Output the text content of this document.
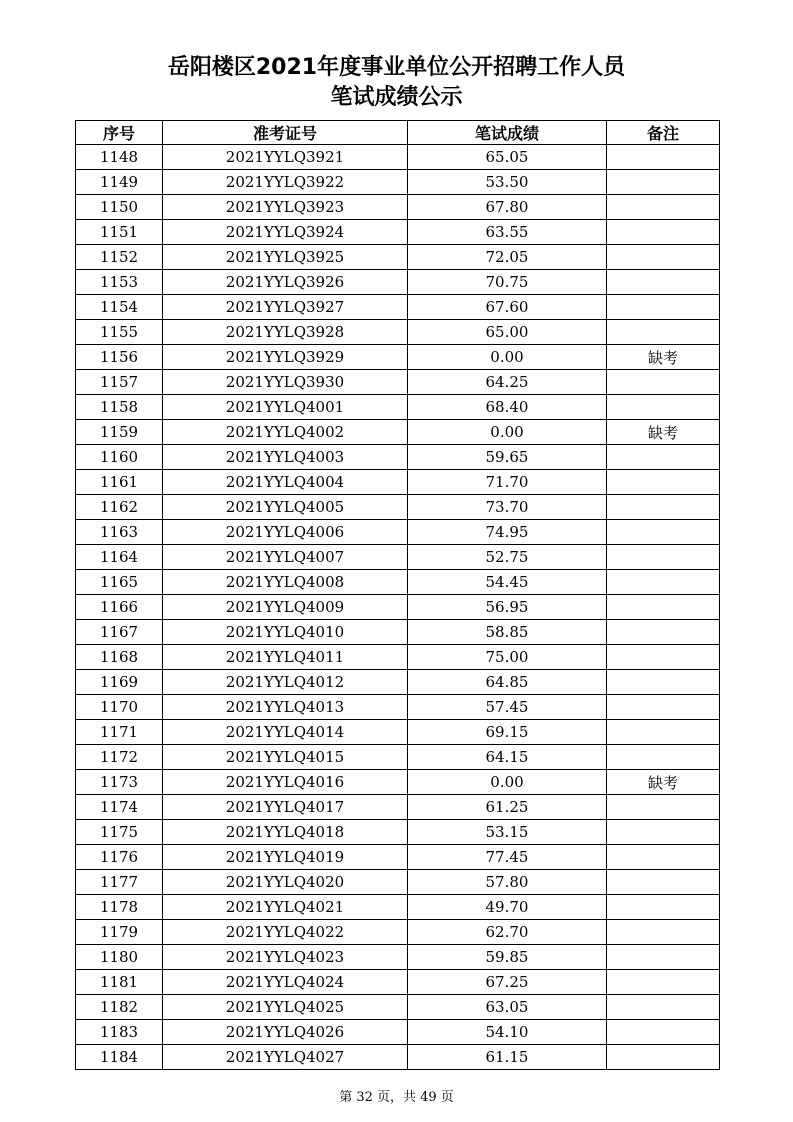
岳阳楼区2021年度事业单位公开招聘工作人员
笔试成绩公示
序号	准考证号	笔试成绩	备注
1148	2021YYLQ3921	65.05	
1149	2021YYLQ3922	53.50	
1150	2021YYLQ3923	67.80	
1151	2021YYLQ3924	63.55	
1152	2021YYLQ3925	72.05	
1153	2021YYLQ3926	70.75	
1154	2021YYLQ3927	67.60	
1155	2021YYLQ3928	65.00	
1156	2021YYLQ3929	0.00	缺考
1157	2021YYLQ3930	64.25	
1158	2021YYLQ4001	68.40	
1159	2021YYLQ4002	0.00	缺考
1160	2021YYLQ4003	59.65	
1161	2021YYLQ4004	71.70	
1162	2021YYLQ4005	73.70	
1163	2021YYLQ4006	74.95	
1164	2021YYLQ4007	52.75	
1165	2021YYLQ4008	54.45	
1166	2021YYLQ4009	56.95	
1167	2021YYLQ4010	58.85	
1168	2021YYLQ4011	75.00	
1169	2021YYLQ4012	64.85	
1170	2021YYLQ4013	57.45	
1171	2021YYLQ4014	69.15	
1172	2021YYLQ4015	64.15	
1173	2021YYLQ4016	0.00	缺考
1174	2021YYLQ4017	61.25	
1175	2021YYLQ4018	53.15	
1176	2021YYLQ4019	77.45	
1177	2021YYLQ4020	57.80	
1178	2021YYLQ4021	49.70	
1179	2021YYLQ4022	62.70	
1180	2021YYLQ4023	59.85	
1181	2021YYLQ4024	67.25	
1182	2021YYLQ4025	63.05	
1183	2021YYLQ4026	54.10	
1184	2021YYLQ4027	61.15	
第 32 页，共 49 页
